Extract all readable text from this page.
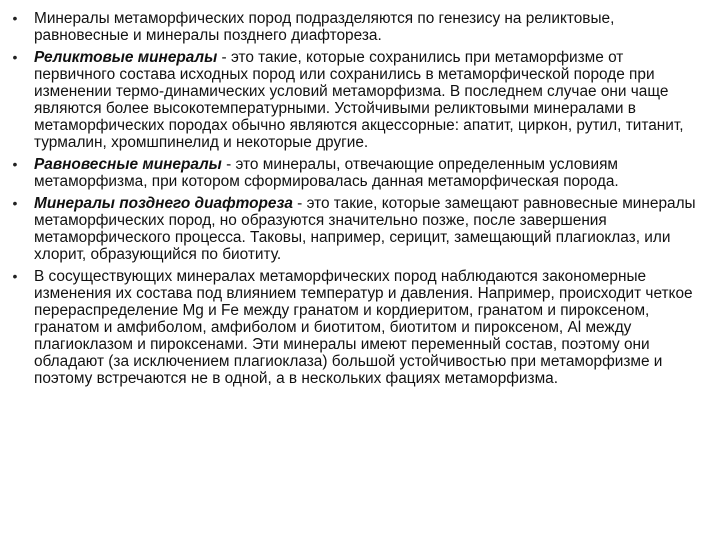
• Минералы метаморфических пород подразделяются по генезису на реликтовые, равновесные и минералы позднего диафтореза.
• Реликтовые минералы - это такие, которые сохранились при метаморфизме от первичного состава исходных пород или сохранились в метаморфической породе при изменении термо-динамических условий метаморфизма. В последнем случае они чаще являются более высокотемпературными. Устойчивыми реликтовыми минералами в метаморфических породах обычно являются акцессорные: апатит, циркон, рутил, титанит, турмалин, хромшпинелид и некоторые другие.
• Равновесные минералы - это минералы, отвечающие определенным условиям метаморфизма, при котором сформировалась данная метаморфическая порода.
• Минералы позднего диафтореза - это такие, которые замещают равновесные минералы метаморфических пород, но образуются значительно позже, после завершения метаморфического процесса. Таковы, например, серицит, замещающий плагиоклаз, или хлорит, образующийся по биотиту.
• В сосуществующих минералах метаморфических пород наблюдаются закономерные изменения их состава под влиянием температур и давления. Например, происходит четкое перераспределение Mg и Fe между гранатом и кордиеритом, гранатом и пироксеном, гранатом и амфиболом, амфиболом и биотитом, биотитом и пироксеном, Al между плагиоклазом и пироксенами. Эти минералы имеют переменный состав, поэтому они обладают (за исключением плагиоклаза) большой устойчивостью при метаморфизме и поэтому встречаются не в одной, а в нескольких фациях метаморфизма.
